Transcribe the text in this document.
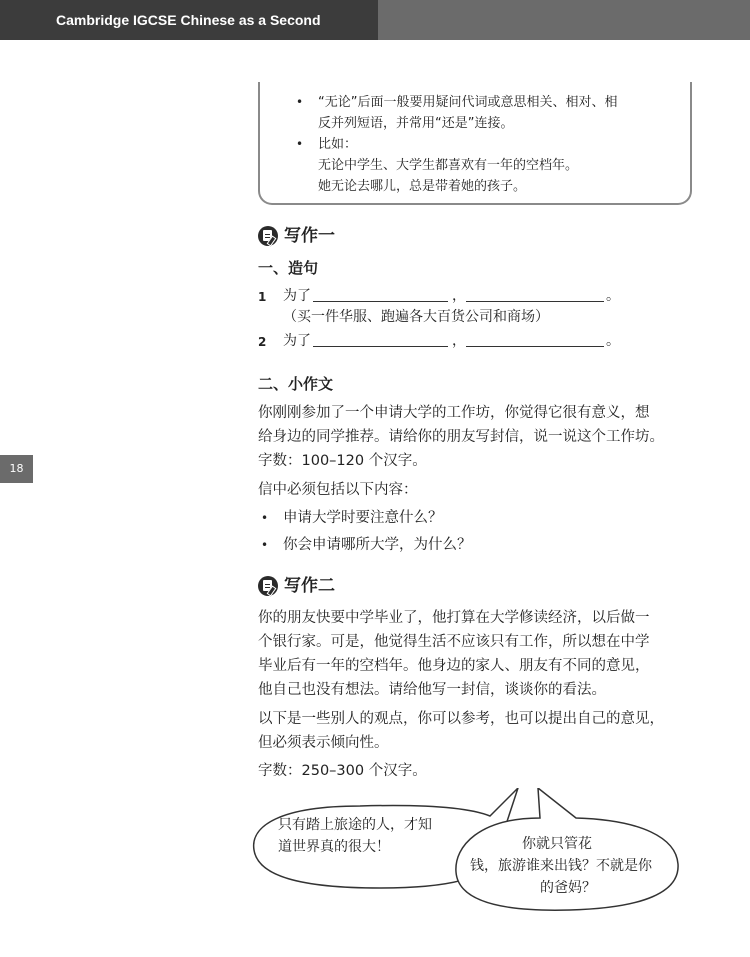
Cambridge IGCSE Chinese as a Second Language
18
• “无论”后面一般要用疑问代词或意思相关、相对、相
反并列短语，并常用“还是”连接。
• 比如：
无论中学生、大学生都喜欢有一年的空档年。
她无论去哪儿，总是带着她的孩子。
写作一
一、造句
1 为了	，	。
（买一件华服、跑遍各大百货公司和商场）
2 为了	，	。
二、小作文
你刚刚参加了一个申请大学的工作坊，你觉得它很有意义，想
给身边的同学推荐。请给你的朋友写封信，说一说这个工作坊。
字数：100–120 个汉字。
信中必须包括以下内容：
• 申请大学时要注意什么？
• 你会申请哪所大学，为什么？
写作二
你的朋友快要中学毕业了，他打算在大学修读经济，以后做一
个银行家。可是，他觉得生活不应该只有工作，所以想在中学
毕业后有一年的空档年。他身边的家人、朋友有不同的意见，
他自己也没有想法。请给他写一封信，谈谈你的看法。
以下是一些别人的观点，你可以参考，也可以提出自己的意见，
但必须表示倾向性。
字数：250–300 个汉字。
只有踏上旅途的人，才知
道世界真的很大！	你就只管花
钱，旅游谁来出钱？不就是你
的爸妈？
